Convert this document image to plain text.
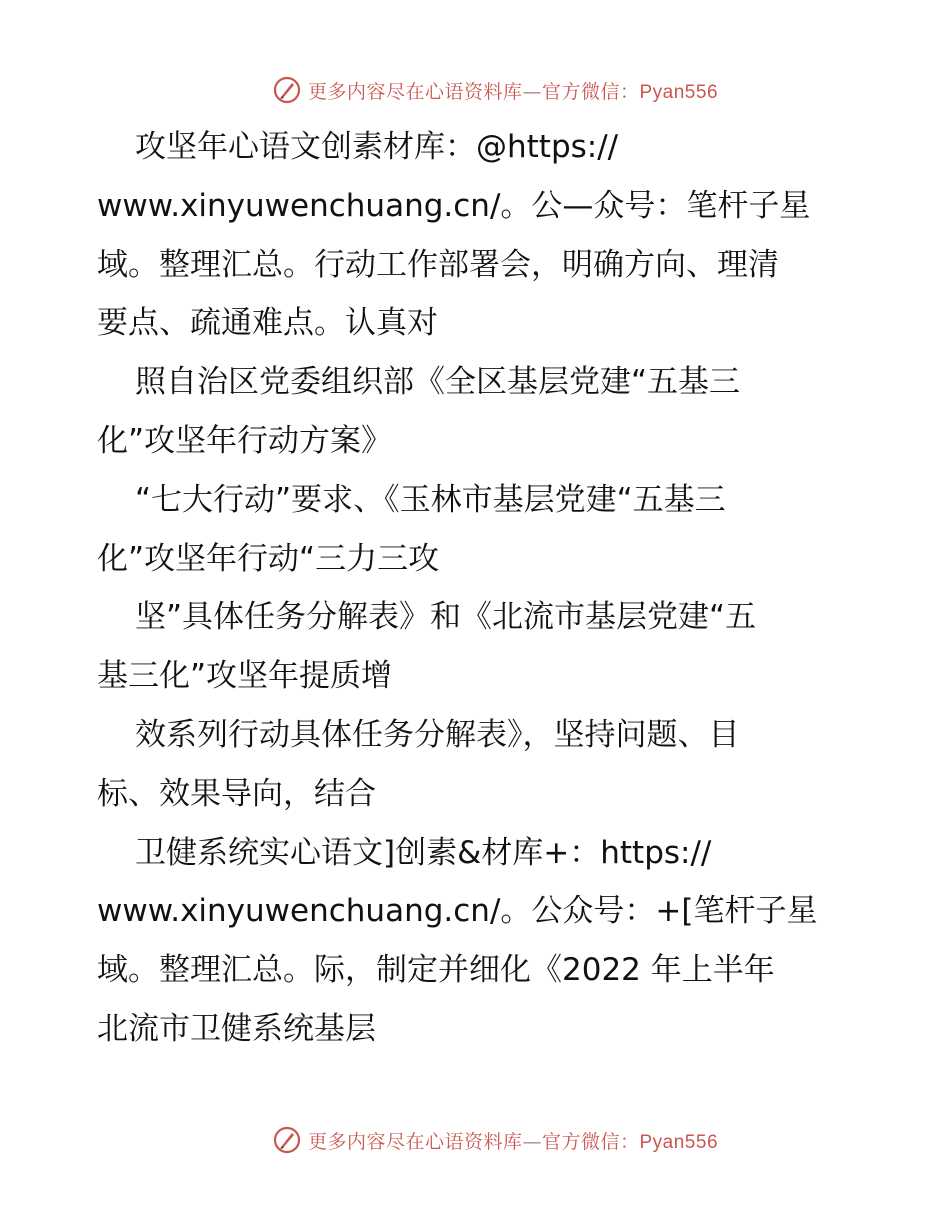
更多内容尽在心语资料库—官方微信：Pyan556
攻坚年心语文创素材库：@https://
www.xinyuwenchuang.cn/。公—众号：笔杆子星
域。整理汇总。行动工作部署会，明确方向、理清
要点、疏通难点。认真对
照自治区党委组织部《全区基层党建“五基三
化”攻坚年行动方案》
“七大行动”要求、《玉林市基层党建“五基三
化”攻坚年行动“三力三攻
坚”具体任务分解表》和《北流市基层党建“五
基三化”攻坚年提质增
效系列行动具体任务分解表》，坚持问题、目
标、效果导向，结合
卫健系统实心语文]创素&材库+：https://
www.xinyuwenchuang.cn/。公众号：+[笔杆子星
域。整理汇总。际，制定并细化《2022 年上半年
北流市卫健系统基层
更多内容尽在心语资料库—官方微信：Pyan556
